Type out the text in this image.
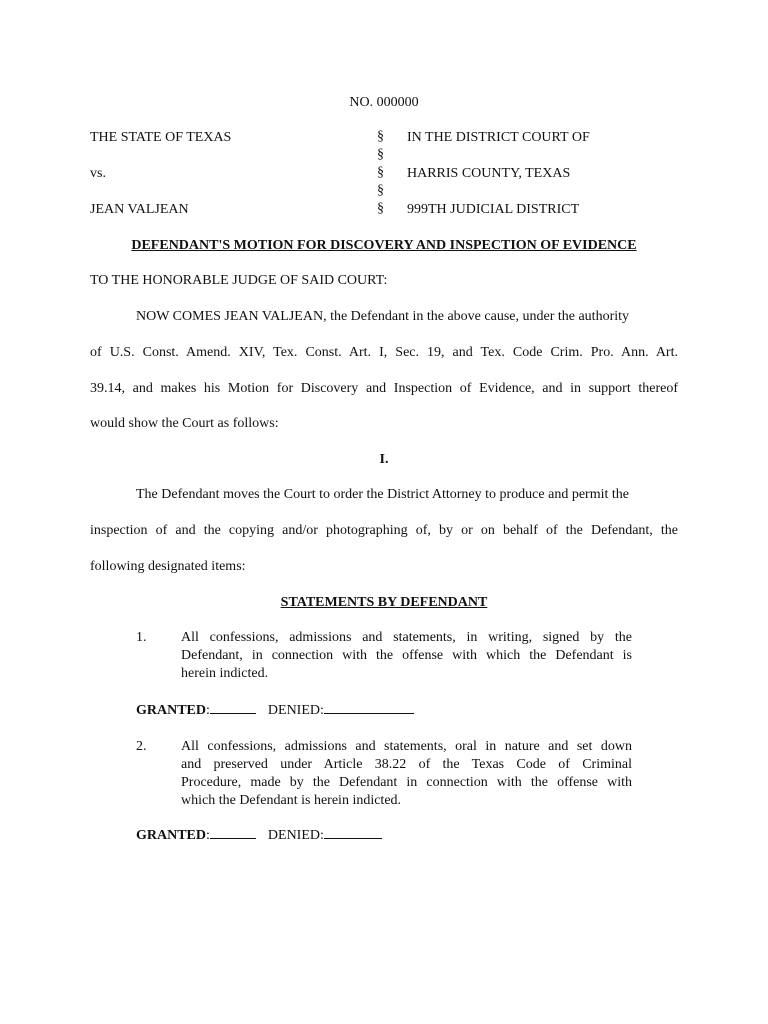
NO. 000000
THE STATE OF TEXAS
vs.
JEAN VALJEAN
§
§
§
§
§
IN THE DISTRICT COURT OF
HARRIS COUNTY, TEXAS
999TH JUDICIAL DISTRICT
DEFENDANT'S MOTION FOR DISCOVERY AND INSPECTION OF EVIDENCE
TO THE HONORABLE JUDGE OF SAID COURT:
NOW COMES JEAN VALJEAN, the Defendant in the above cause, under the authority
of U.S. Const. Amend. XIV, Tex. Const. Art. I, Sec. 19, and Tex. Code Crim. Pro. Ann. Art.
39.14, and makes his Motion for Discovery and Inspection of Evidence, and in support thereof
would show the Court as follows:
I.
The Defendant moves the Court to order the District Attorney to produce and permit the
inspection of and the copying and/or photographing of, by or on behalf of the Defendant, the
following designated items:
STATEMENTS BY DEFENDANT
1. All confessions, admissions and statements, in writing, signed by the
Defendant, in connection with the offense with which the Defendant is
herein indicted.
GRANTED:	DENIED:
2. All confessions, admissions and statements, oral in nature and set down
and preserved under Article 38.22 of the Texas Code of Criminal
Procedure, made by the Defendant in connection with the offense with
which the Defendant is herein indicted.
GRANTED:	DENIED:
